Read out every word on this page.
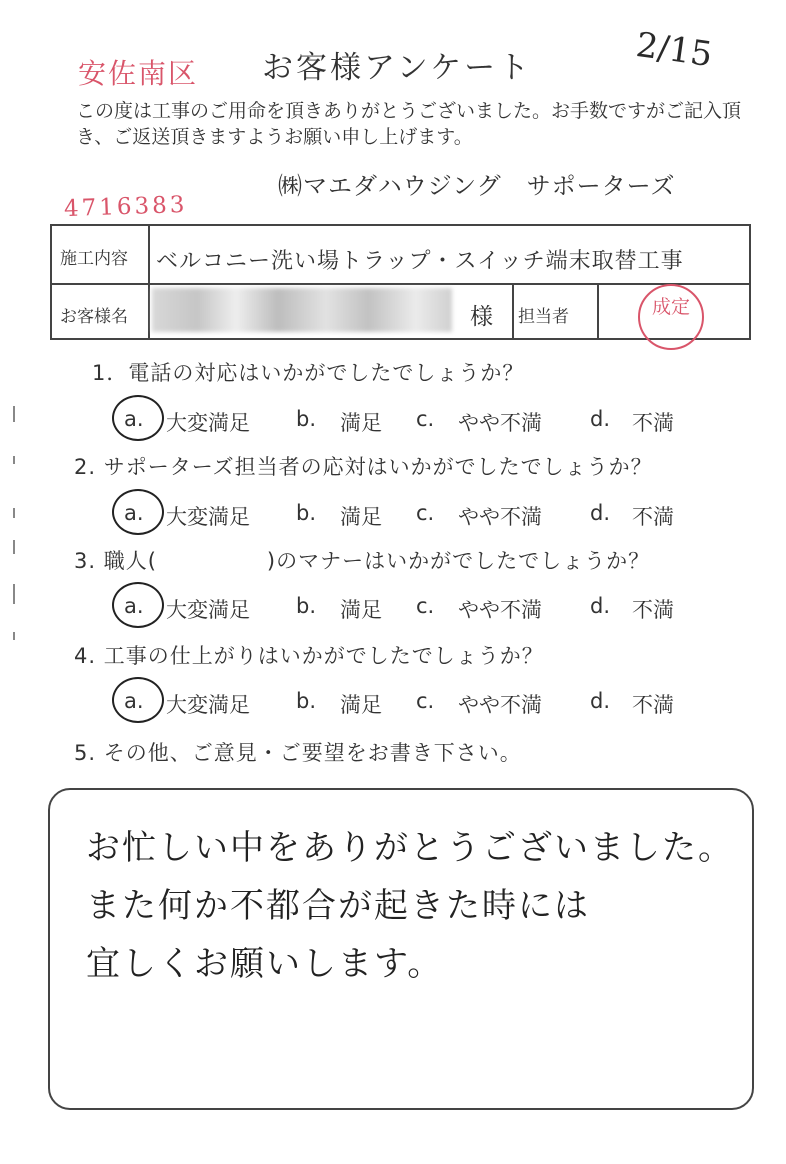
安佐南区 お客様アンケート	2/15
この度は工事のご用命を頂きありがとうございました。お手数ですがご記入頂き、ご返送頂きますようお願い申し上げます。
㈱マエダハウジング　サポーターズ
4716383
施工内容 ベルコニー洗い場トラップ・スイッチ端末取替工事
お客様名	様 担当者	成定
1．電話の対応はいかがでしたでしょうか？
a. 大変満足 b. 満足 c. やや不満 d. 不満
2. サポーターズ担当者の応対はいかがでしたでしょうか？
a. 大変満足 b. 満足 c. やや不満 d. 不満
3. 職人(　　　　　)のマナーはいかがでしたでしょうか？
a. 大変満足 b. 満足 c. やや不満 d. 不満
4. 工事の仕上がりはいかがでしたでしょうか？
a. 大変満足 b. 満足 c. やや不満 d. 不満
5. その他、ご意見・ご要望をお書き下さい。
お忙しい中をありがとうございました。
また何か不都合が起きた時には
宜しくお願いします。
